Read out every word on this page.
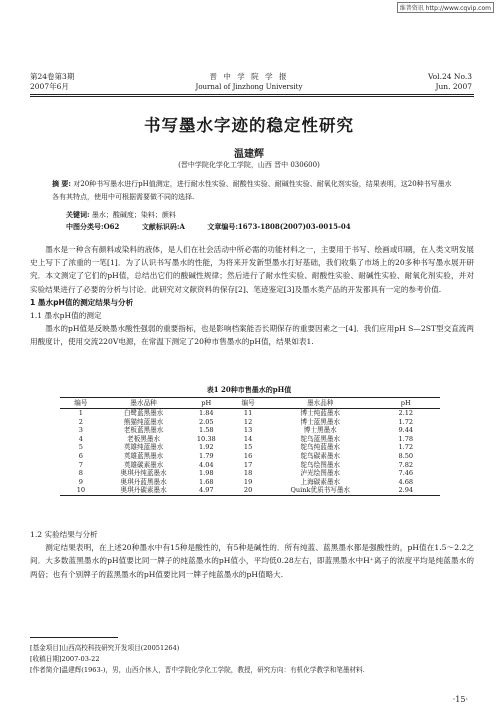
维普资讯 http://www.cqvip.com
第24卷第3期
2007年6月
晋 中 学 院 学 报
Journal of Jinzhong University
Vol.24 No.3
Jun. 2007
书写墨水字迹的稳定性研究
温建辉
(晋中学院化学化工学院，山西 晋中 030600)
摘 要: 对20种书写墨水进行pH值测定，进行耐水性实验、耐酸性实验、耐碱性实验、耐氧化剂实验，结果表明，这20种书写墨水各有其特点，使用中可根据需要做不同的选择.
关键词: 墨水；酸碱度；染料；颜料
中图分类号:O62	文献标识码:A	文章编号:1673-1808(2007)03-0015-04

墨水是一种含有颜料或染料的液体，是人们在社会活动中所必需的功能材料之一，主要用于书写、绘画或印刷，在人类文明发展史上写下了浓重的一笔[1]．为了认识书写墨水的性能，为将来开发新型墨水打好基础，我们收集了市场上的20多种书写墨水展开研究．本文测定了它们的pH值，总结出它们的酸碱性规律；然后进行了耐水性实验、耐酸性实验、耐碱性实验、耐氧化剂实验，并对实验结果进行了必要的分析与讨论．此研究对文献资料的保存[2]、笔迹鉴定[3]及墨水类产品的开发都具有一定的参考价值.

1 墨水pH值的测定结果与分析

1.1 墨水pH值的测定

墨水的pH值是反映墨水酸性强弱的重要指标，也是影响档案能否长期保存的重要因素之一[4]．我们应用pH S—2ST型交直流两用酸度计，使用交流220V电源，在常温下测定了20种市售墨水的pH值，结果如表1.

表1 20种市售墨水的pH值
编号	墨水品种	pH	编号	墨水品种	pH
1	白鹭蓝黑墨水	1.84	11	博士纯蓝墨水	2.12
2	熊猫纯蓝墨水	2.05	12	博士蓝黑墨水	1.72
3	老板蓝黑墨水	1.58	13	博士黑墨水	9.44
4	老板黑墨水	10.38	14	鸵鸟蓝黑墨水	1.78
5	英雄纯蓝墨水	1.92	15	鸵鸟纯蓝墨水	1.72
6	英雄蓝黑墨水	1.79	16	鸵鸟碳素墨水	8.50
7	英雄碳素墨水	4.04	17	鸵鸟绘图墨水	7.82
8	奥琪丹纯蓝墨水	1.98	18	泸光绘图墨水	7.46
9	奥琪丹蓝黑墨水	1.68	19	上海碳素墨水	4.68
10	奥琪丹碳素墨水	4.97	20	Quink优质书写墨水	2.94

1.2 实验结果与分析

测定结果表明，在上述20种墨水中有15种是酸性的，有5种是碱性的．所有纯蓝、蓝黑墨水都是强酸性的，pH值在1.5～2.2之间．大多数蓝黑墨水的pH值要比同一牌子的纯蓝墨水的pH值小，平均低0.28左右，即蓝黑墨水中H⁺离子的浓度平均是纯蓝墨水的两倍；也有个别牌子的蓝黑墨水的pH值要比同一牌子纯蓝墨水的pH值略大.

[基金项目]山西高校科技研究开发项目(20051264)
[收稿日期]2007-03-22
[作者简介]温建辉(1963-)，男，山西介休人，晋中学院化学化工学院，教授，研究方向：有机化学教学和笔墨材料.
·15·
